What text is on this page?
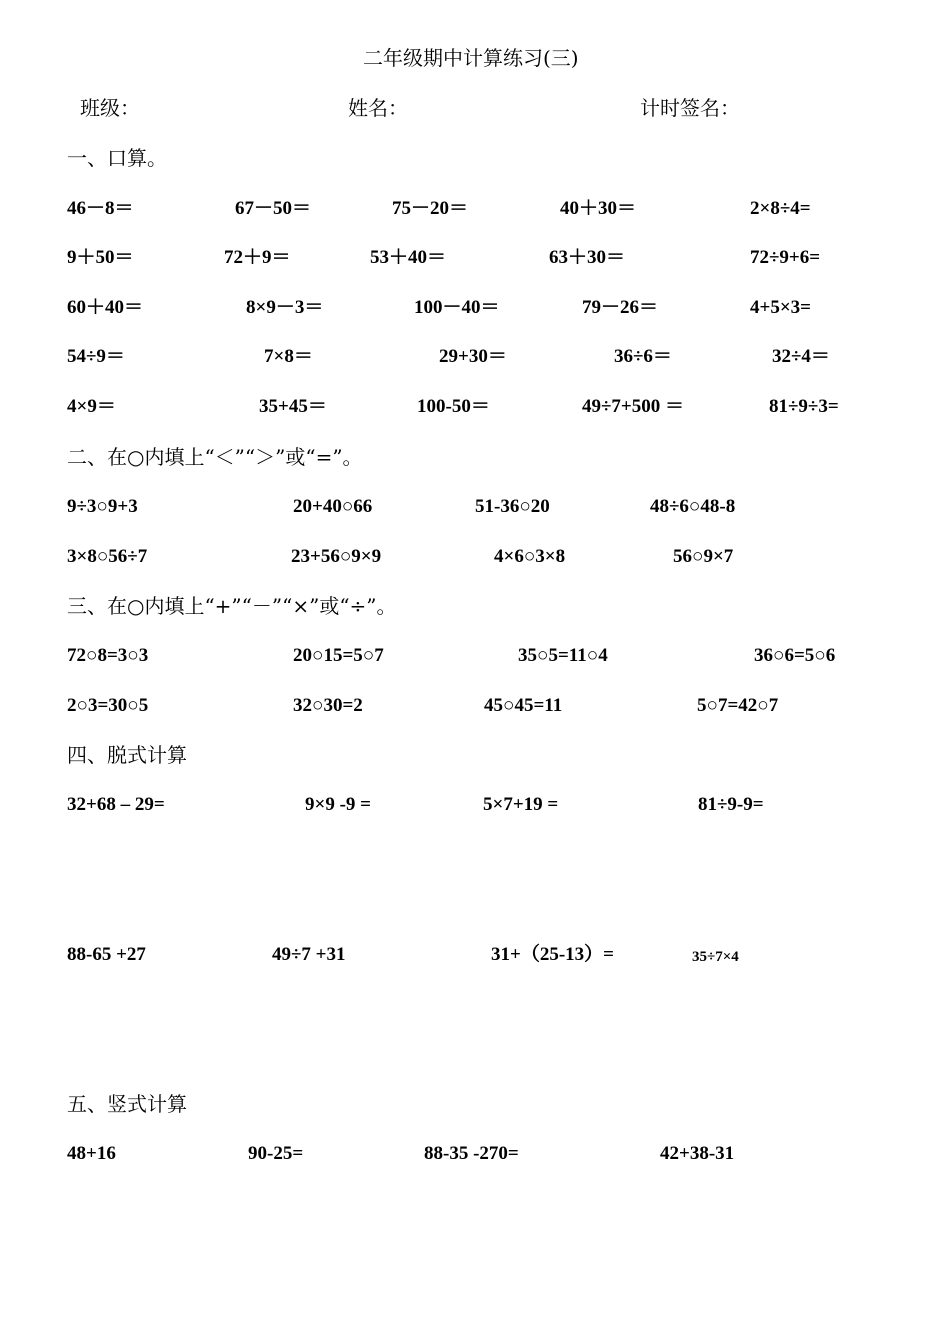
二年级期中计算练习(三)
班级：	姓名：	计时签名：
一、口算。
46－8＝	67－50＝	75－20＝	40＋30＝	2×8÷4=
9＋50＝	72＋9＝	53＋40＝	63＋30＝	72÷9+6=
60＋40＝	8×9－3＝	100－40＝	79－26＝	4+5×3=
54÷9＝	7×8＝	29+30＝	36÷6＝	32÷4＝
4×9＝	35+45＝	100-50＝	49÷7+500 ＝	81÷9÷3=
二、在○内填上“＜”“＞”或“=”。
9÷3○9+3	20+40○66	51-36○20	48÷6○48-8
3×8○56÷7	23+56○9×9	4×6○3×8	56○9×7
三、在○内填上“+”“－”“×”或“÷”。
72○8=3○3	20○15=5○7	35○5=11○4	36○6=5○6
2○3=30○5	32○30=2	45○45=11	5○7=42○7
四、脱式计算
32+68 – 29=	9×9 -9 =	5×7+19 =	81÷9-9=
88-65 +27	49÷7 +31	31+（25-13）=	35÷7×4
五、竖式计算
48+16	90-25=	88-35 -270=	42+38-31
